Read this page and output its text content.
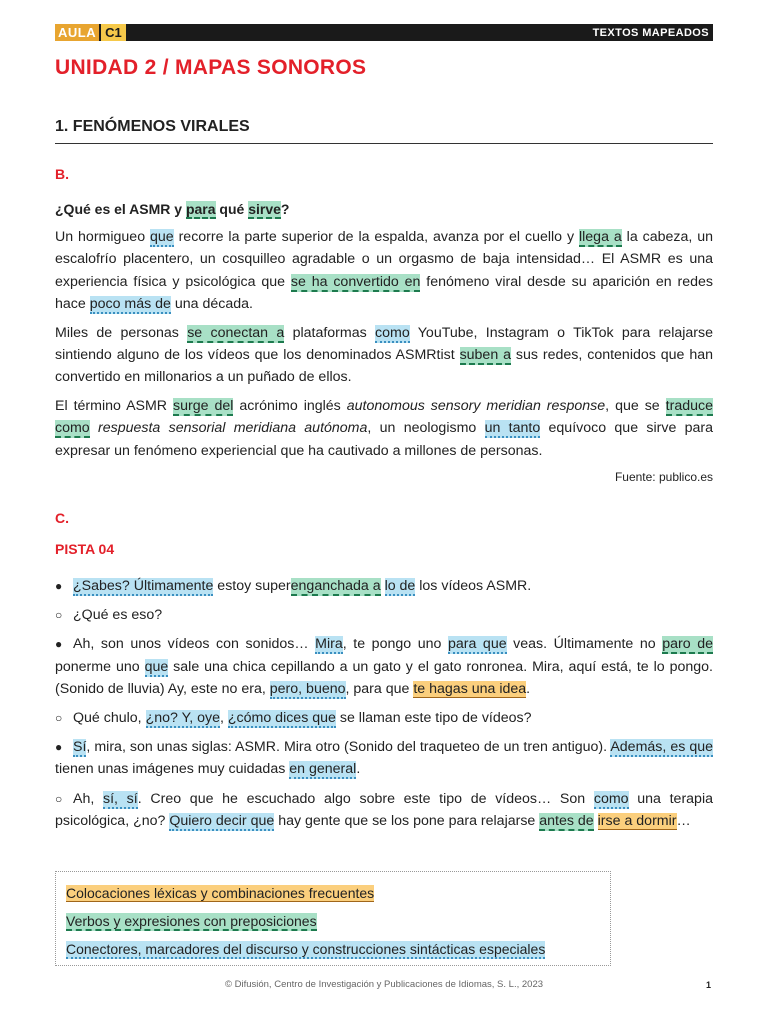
AULA C1	TEXTOS MAPEADOS
UNIDAD 2 / MAPAS SONOROS
1. FENÓMENOS VIRALES

B.

¿Qué es el ASMR y para qué sirve?

Un hormigueo que recorre la parte superior de la espalda, avanza por el cuello y llega a la cabeza, un escalofrío placentero, un cosquilleo agradable o un orgasmo de baja intensidad… El ASMR es una experiencia física y psicológica que se ha convertido en fenómeno viral desde su aparición en redes hace poco más de una década.

Miles de personas se conectan a plataformas como YouTube, Instagram o TikTok para relajarse sintiendo alguno de los vídeos que los denominados ASMRtist suben a sus redes, contenidos que han convertido en millonarios a un puñado de ellos.

El término ASMR surge del acrónimo inglés autonomous sensory meridian response, que se traduce como respuesta sensorial meridiana autónoma, un neologismo un tanto equívoco que sirve para expresar un fenómeno experiencial que ha cautivado a millones de personas.

Fuente: publico.es

C.

PISTA 04

● ¿Sabes? Últimamente estoy superenganchada a lo de los vídeos ASMR.

○ ¿Qué es eso?

● Ah, son unos vídeos con sonidos… Mira, te pongo uno para que veas. Últimamente no paro de ponerme uno que sale una chica cepillando a un gato y el gato ronronea. Mira, aquí está, te lo pongo. (Sonido de lluvia) Ay, este no era, pero, bueno, para que te hagas una idea.

○ Qué chulo, ¿no? Y, oye, ¿cómo dices que se llaman este tipo de vídeos?

● Sí, mira, son unas siglas: ASMR. Mira otro (Sonido del traqueteo de un tren antiguo). Además, es que tienen unas imágenes muy cuidadas en general.

○ Ah, sí, sí. Creo que he escuchado algo sobre este tipo de vídeos… Son como una terapia psicológica, ¿no? Quiero decir que hay gente que se los pone para relajarse antes de irse a dormir…

Colocaciones léxicas y combinaciones frecuentes
Verbos y expresiones con preposiciones
Conectores, marcadores del discurso y construcciones sintácticas especiales
© Difusión, Centro de Investigación y Publicaciones de Idiomas, S. L., 2023	1
